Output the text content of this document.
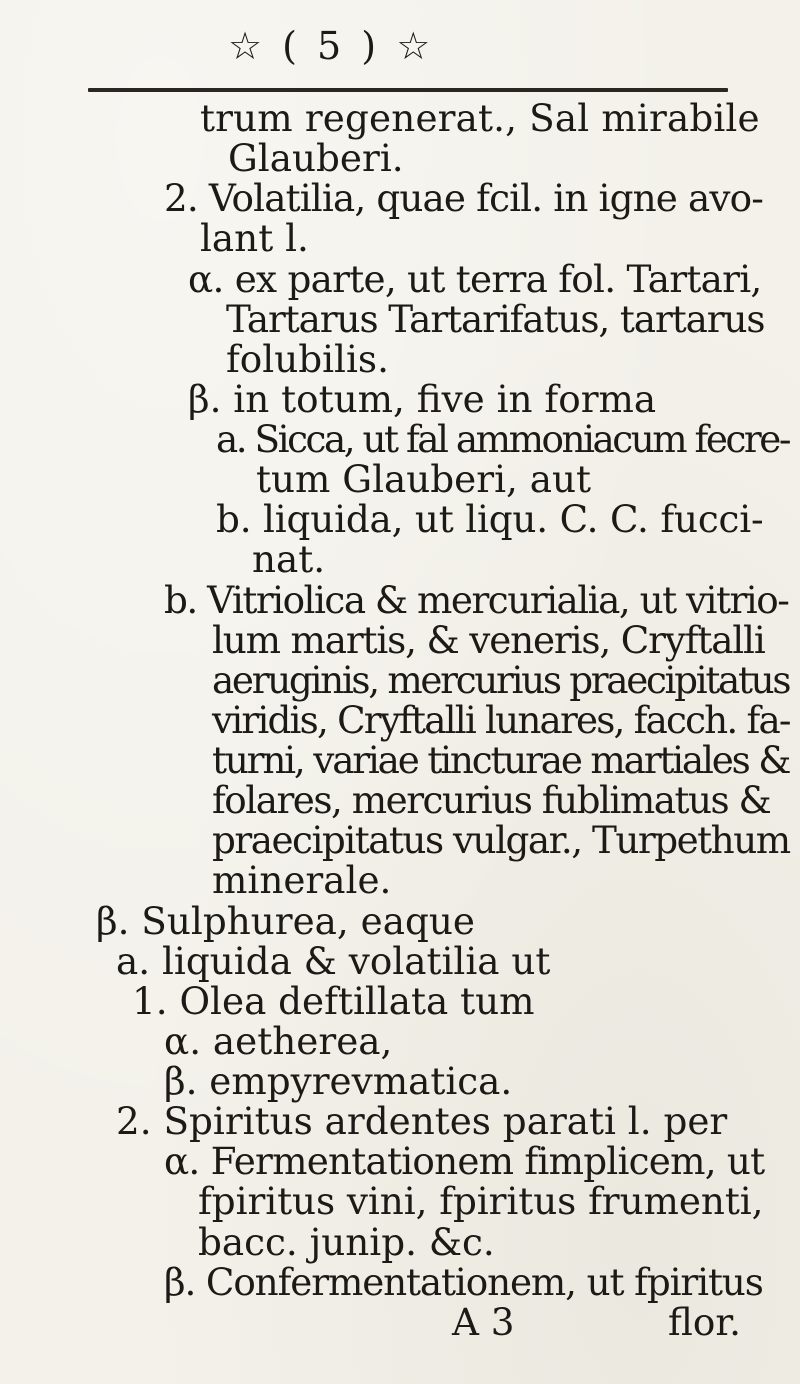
☆ ( 5 ) ☆
trum regenerat., Sal mirabile
Glauberi.
2. Volatilia, quae fcil. in igne avo-
lant l.
α. ex parte, ut terra fol. Tartari,
Tartarus Tartarifatus, tartarus
folubilis.
β. in totum, five in forma
a. Sicca, ut fal ammoniacum fecre-
tum Glauberi, aut
b. liquida, ut liqu. C. C. fucci-
nat.
b. Vitriolica & mercurialia, ut vitrio-
lum martis, & veneris, Cryftalli
aeruginis, mercurius praecipitatus
viridis, Cryftalli lunares, facch. fa-
turni, variae tincturae martiales &
folares, mercurius fublimatus &
praecipitatus vulgar., Turpethum
minerale.
β. Sulphurea, eaque
a. liquida & volatilia ut
1. Olea deftillata tum
α. aetherea,
β. empyrevmatica.
2. Spiritus ardentes parati l. per
α. Fermentationem fimplicem, ut
fpiritus vini, fpiritus frumenti,
bacc. junip. &c.
β. Confermentationem, ut fpiritus
A 3	flor.
